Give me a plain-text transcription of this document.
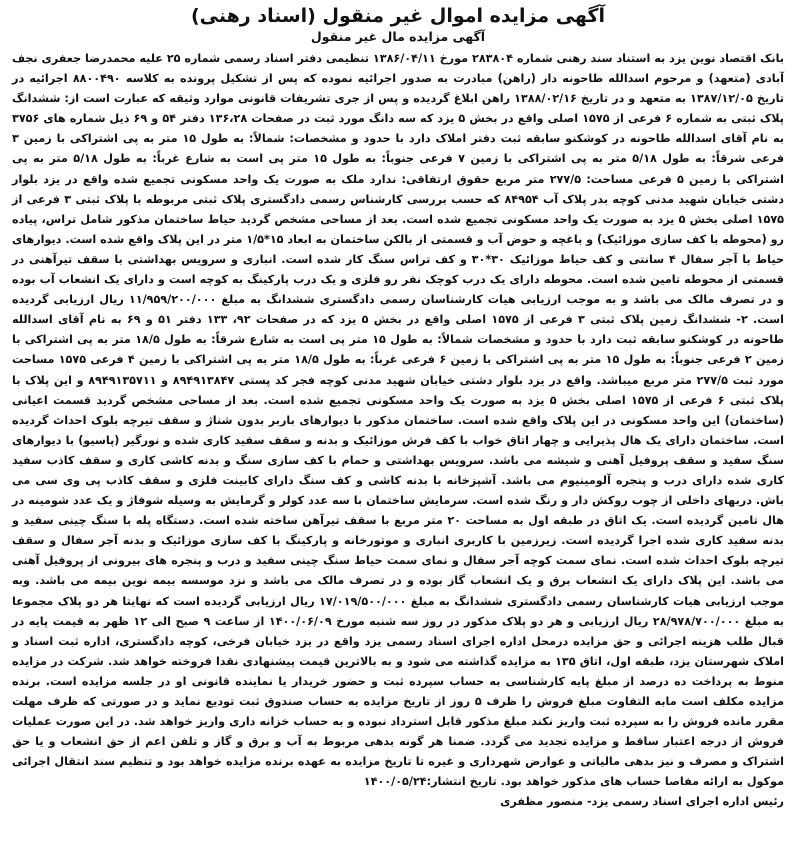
آگهی مزایده اموال غیر منقول (اسناد رهنی)
آگهی مزایده مال غیر منقول

بانک اقتصاد نوین یزد به استناد سند رهنی شماره ۲۸۳۸۰۴ مورخ ۱۳۸۶/۰۴/۱۱ تنظیمی دفتر اسناد رسمی شماره ۲۵ علیه محمدرضا جعفری نجف آبادی (متعهد) و مرحوم اسدالله طاحونه دار (راهن) مبادرت به صدور اجرائیه نموده که پس از تشکیل پرونده به کلاسه ۸۸۰۰۴۹۰ اجرائیه در تاریخ ۱۳۸۷/۱۲/۰۵ به متعهد و در تاریخ ۱۳۸۸/۰۲/۱۶ راهن ابلاغ گردیده و پس از جری تشریفات قانونی موارد وثیقه که عبارت است از: ششدانگ پلاک ثبتی به شماره ۶ فرعی از ۱۵۷۵ اصلی واقع در بخش ۵ یزد که سه دانگ مورد ثبت در صفحات ۱۳۶،۲۸ دفتر ۵۴ و ۶۹ ذیل شماره های ۳۷۵۶ به نام آقای اسدالله طاحونه در کوشکنو سابقه ثبت دفتر املاک دارد با حدود و مشخصات: شمالاً: به طول ۱۵ متر به پی اشتراکی با زمین ۳ فرعی شرقاً: به طول ۵/۱۸ متر به پی اشتراکی با زمین ۷ فرعی جنوباً: به طول ۱۵ متر پی است به شارع غرباً: به طول ۵/۱۸ متر به پی اشتراکی با زمین ۵ فرعی مساحت: ۲۷۷/۵ متر مربع حقوق ارتفاقی: ندارد ملک به صورت یک واحد مسکونی تجمیع شده واقع در یزد بلوار دشتی خیابان شهید مدنی کوچه بدر پلاک آب ۸۴۹۵۴ که حسب بررسی کارشناس رسمی دادگستری پلاک ثبتی مربوطه با پلاک ثبتی ۳ فرعی از ۱۵۷۵ اصلی بخش ۵ یزد به صورت یک واحد مسکونی تجمیع شده است. بعد از مساحی مشخص گردید حیاط ساختمان مذکور شامل تراس، پیاده رو (محوطه با کف سازی موزائیک) و باغچه و حوض آب و قسمتی از بالکن ساختمان به ابعاد ۱۵*۱/۵ متر در این پلاک واقع شده است. دیوارهای حیاط با آجر سفال ۴ سانتی و کف حیاط موزائیک ۳۰*۳۰ و کف تراس سنگ کار شده است. انباری و سرویس بهداشتی با سقف تیرآهنی در قسمتی از محوطه تامین شده است. محوطه دارای یک درب کوچک نفر رو فلزی و یک درب پارکینگ به کوچه است و دارای یک انشعاب آب بوده و در تصرف مالک می باشد و به موجب ارزیابی هیات کارشناسان رسمی دادگستری ششدانگ به مبلغ ۱۱/۹۵۹/۲۰۰/۰۰۰ ریال ارزیابی گردیده است. ۲- ششدانگ زمین پلاک ثبتی ۳ فرعی از ۱۵۷۵ اصلی واقع در بخش ۵ یزد که در صفحات ۹۲، ۱۳۳ دفتر ۵۱ و ۶۹ به نام آقای اسدالله طاحونه در کوشکنو سابقه ثبت دارد با حدود و مشخصات شمالاً: به طول ۱۵ متر پی است به شارع شرقاً: به طول ۱۸/۵ متر به پی اشتراکی با زمین ۲ فرعی جنوباً: به طول ۱۵ متر به پی اشتراکی با زمین ۶ فرعی غرباً: به طول ۱۸/۵ متر به پی اشتراکی با زمین ۴ فرعی ۱۵۷۵ مساحت مورد ثبت ۲۷۷/۵ متر مربع میباشد. واقع در یزد بلوار دشتی خیابان شهید مدنی کوچه فجر کد پستی ۸۹۴۹۱۳۸۴۷ و ۸۹۴۹۱۳۵۷۱۱ و این پلاک با پلاک ثبتی ۶ فرعی از ۱۵۷۵ اصلی بخش ۵ یزد به صورت یک واحد مسکونی تجمیع شده است. بعد از مساحی مشخص گردید قسمت اعیانی (ساختمان) این واحد مسکونی در این پلاک واقع شده است. ساختمان مذکور با دیوارهای باربر بدون شناژ و سقف تیرچه بلوک احداث گردیده است. ساختمان دارای یک هال پذیرایی و چهار اتاق خواب با کف فرش موزائیک و بدنه و سقف سفید کاری شده و نورگیر (پاسیو) با دیوارهای سنگ سفید و سقف پروفیل آهنی و شیشه می باشد. سرویس بهداشتی و حمام با کف سازی سنگ و بدنه کاشی کاری و سقف کاذب سفید کاری شده دارای درب و پنجره آلومینیوم می باشد. آشپزخانه با بدنه کاشی و کف سنگ دارای کابینت فلزی و سقف کاذب پی وی سی می باش. دربهای داخلی از چوب روکش دار و رنگ شده است. سرمایش ساختمان با سه عدد کولر و گرمایش به وسیله شوفاژ و یک عدد شومینه در هال تامین گردیده است. یک اتاق در طبقه اول به مساحت ۲۰ متر مربع با سقف تیرآهن ساخته شده است. دستگاه پله با سنگ چینی سفید و بدنه سفید کاری شده اجرا گردیده است. زیرزمین با کاربری انباری و موتورخانه و پارکینگ با کف سازی موزائیک و بدنه آجر سفال و سقف تیرچه بلوک احداث شده است. نمای سمت کوچه آجر سفال و نمای سمت حیاط سنگ چینی سفید و درب و پنجره های بیرونی از پروفیل آهنی می باشد. این پلاک دارای یک انشعاب برق و یک انشعاب گاز بوده و در تصرف مالک می باشد و نزد موسسه بیمه نوین بیمه می باشد. وبه موجب ارزیابی هیات کارشناسان رسمی دادگستری ششدانگ به مبلغ ۱۷/۰۱۹/۵۰۰/۰۰۰ ریال ارزیابی گردیده است که نهایتا هر دو پلاک مجموعا به مبلغ ۲۸/۹۷۸/۷۰۰/۰۰۰ ریال ارزیابی و هر دو پلاک مذکور در روز سه شنبه مورخ ۱۴۰۰/۰۶/۰۹ از ساعت ۹ صبح الی ۱۲ ظهر به قیمت پایه در قبال طلب هزینه اجرائی و حق مزایده درمحل اداره اجرای اسناد رسمی یزد واقع در یزد خیابان فرخی، کوچه دادگستری، اداره ثبت اسناد و املاک شهرستان یزد، طبقه اول، اتاق ۱۳۵ به مزایده گذاشته می شود و به بالاترین قیمت پیشنهادی نقدا فروخته خواهد شد. شرکت در مزایده منوط به پرداخت ده درصد از مبلغ پایه کارشناسی به حساب سپرده ثبت و حضور خریدار یا نماینده قانونی او در جلسه مزایده است. برنده مزایده مکلف است مابه التفاوت مبلغ فروش را ظرف ۵ روز از تاریخ مزایده به حساب صندوق ثبت تودیع نماید و در صورتی که ظرف مهلت مقرر مانده فروش را به سپرده ثبت واریز نکند مبلغ مذکور قابل استرداد نبوده و به حساب خزانه داری واریز خواهد شد. در این صورت عملیات فروش از درجه اعتبار ساقط و مزایده تجدید می گردد. ضمنا هر گونه بدهی مربوط به آب و برق و گاز و تلفن اعم از حق انشعاب و یا حق اشتراک و مصرف و نیز بدهی مالیاتی و عوارض شهرداری و غیره تا تاریخ مزایده به عهده برنده مزایده خواهد بود و تنظیم سند انتقال اجرائی موکول به ارائه مفاصا حساب های مذکور خواهد بود. تاریخ انتشار:۱۴۰۰/۰۵/۲۴

رئیس اداره اجرای اسناد رسمی یزد- منصور مظفری
